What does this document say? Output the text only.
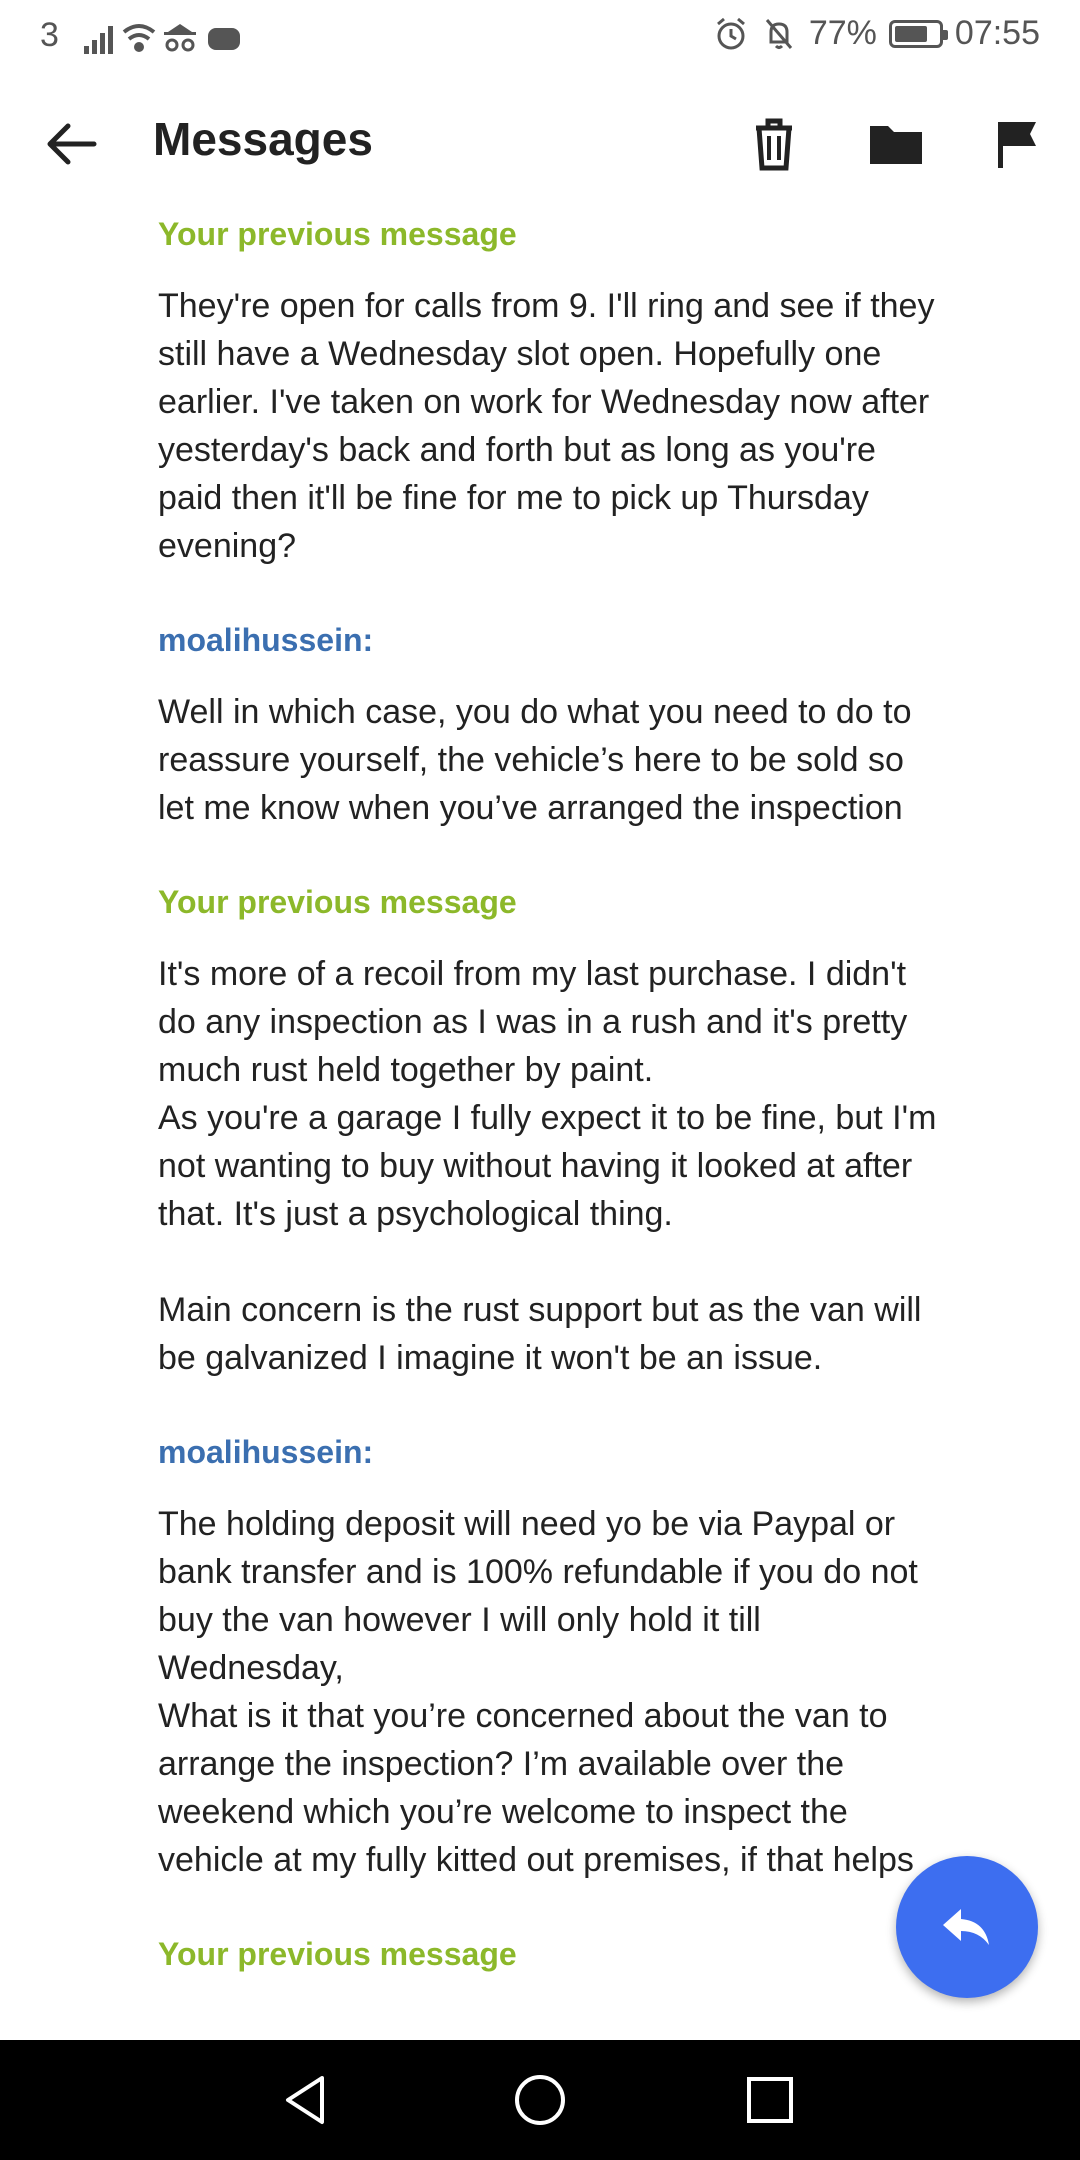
3	77% 07:55
Messages
Your previous message

They're open for calls from 9. I'll ring and see if they still have a Wednesday slot open. Hopefully one earlier. I've taken on work for Wednesday now after yesterday's back and forth but as long as you're paid then it'll be fine for me to pick up Thursday evening?

moalihussein:

Well in which case, you do what you need to do to reassure yourself, the vehicle’s here to be sold so let me know when you’ve arranged the inspection

Your previous message

It's more of a recoil from my last purchase. I didn't do any inspection as I was in a rush and it's pretty much rust held together by paint.

As you're a garage I fully expect it to be fine, but I'm not wanting to buy without having it looked at after that. It's just a psychological thing.

Main concern is the rust support but as the van will be galvanized I imagine it won't be an issue.

moalihussein:

The holding deposit will need yo be via Paypal or bank transfer and is 100% refundable if you do not buy the van however I will only hold it till Wednesday,

What is it that you’re concerned about the van to arrange the inspection? I’m available over the weekend which you’re welcome to inspect the vehicle at my fully kitted out premises, if that helps

Your previous message
